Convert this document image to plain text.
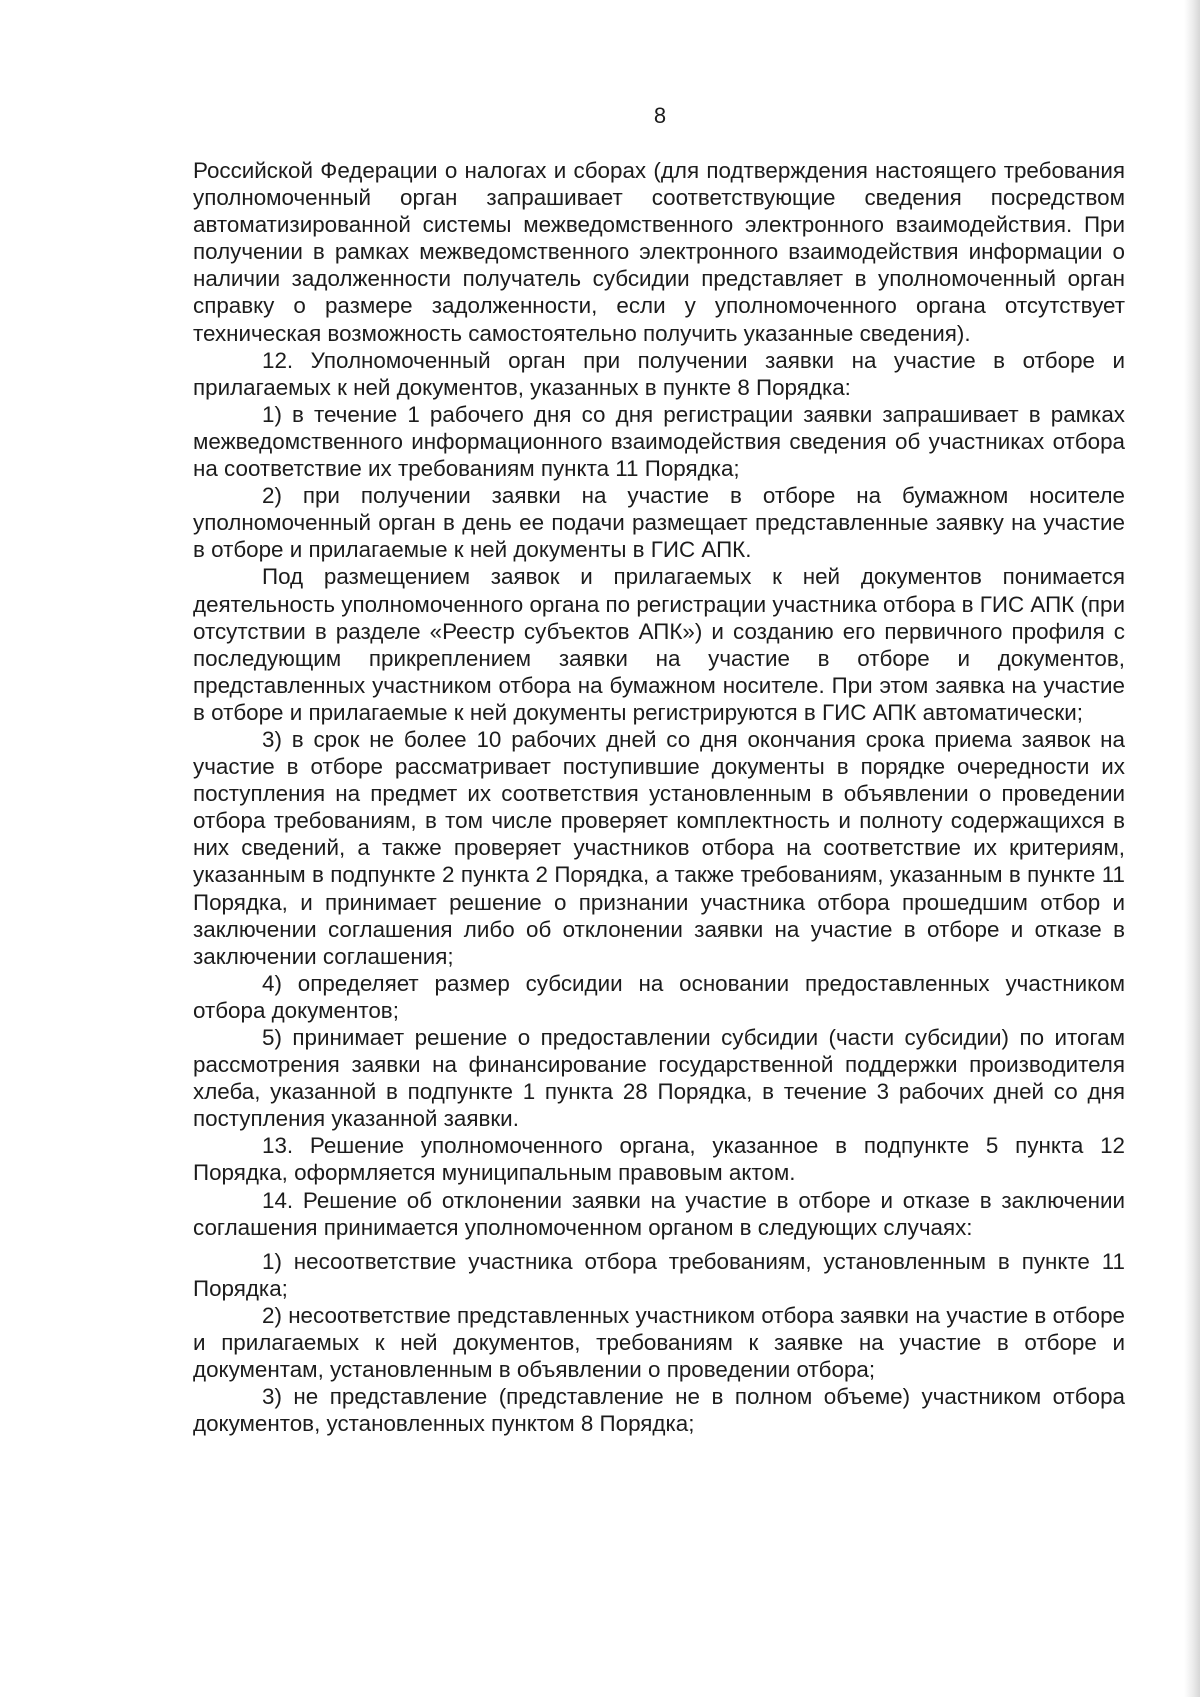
8

Российской Федерации о налогах и сборах (для подтверждения настоящего требования уполномоченный орган запрашивает соответствующие сведения посредством автоматизированной системы межведомственного электронного взаимодействия. При получении в рамках межведомственного электронного взаимодействия информации о наличии задолженности получатель субсидии представляет в уполномоченный орган справку о размере задолженности, если у уполномоченного органа отсутствует техническая возможность самостоятельно получить указанные сведения).

12. Уполномоченный орган при получении заявки на участие в отборе и прилагаемых к ней документов, указанных в пункте 8 Порядка:

1) в течение 1 рабочего дня со дня регистрации заявки запрашивает в рамках межведомственного информационного взаимодействия сведения об участниках отбора на соответствие их требованиям пункта 11 Порядка;

2) при получении заявки на участие в отборе на бумажном носителе уполномоченный орган в день ее подачи размещает представленные заявку на участие в отборе и прилагаемые к ней документы в ГИС АПК.

Под размещением заявок и прилагаемых к ней документов понимается деятельность уполномоченного органа по регистрации участника отбора в ГИС АПК (при отсутствии в разделе «Реестр субъектов АПК») и созданию его первичного профиля с последующим прикреплением заявки на участие в отборе и документов, представленных участником отбора на бумажном носителе. При этом заявка на участие в отборе и прилагаемые к ней документы регистрируются в ГИС АПК автоматически;

3) в срок не более 10 рабочих дней со дня окончания срока приема заявок на участие в отборе рассматривает поступившие документы в порядке очередности их поступления на предмет их соответствия установленным в объявлении о проведении отбора требованиям, в том числе проверяет комплектность и полноту содержащихся в них сведений, а также проверяет участников отбора на соответствие их критериям, указанным в подпункте 2 пункта 2 Порядка, а также требованиям, указанным в пункте 11 Порядка, и принимает решение о признании участника отбора прошедшим отбор и заключении соглашения либо об отклонении заявки на участие в отборе и отказе в заключении соглашения;

4) определяет размер субсидии на основании предоставленных участником отбора документов;

5) принимает решение о предоставлении субсидии (части субсидии) по итогам рассмотрения заявки на финансирование государственной поддержки производителя хлеба, указанной в подпункте 1 пункта 28 Порядка, в течение 3 рабочих дней со дня поступления указанной заявки.

13. Решение уполномоченного органа, указанное в подпункте 5 пункта 12 Порядка, оформляется муниципальным правовым актом.

14. Решение об отклонении заявки на участие в отборе и отказе в заключении соглашения принимается уполномоченном органом в следующих случаях:

1) несоответствие участника отбора требованиям, установленным в пункте 11 Порядка;

2) несоответствие представленных участником отбора заявки на участие в отборе и прилагаемых к ней документов, требованиям к заявке на участие в отборе и документам, установленным в объявлении о проведении отбора;

3) не представление (представление не в полном объеме) участником отбора документов, установленных пунктом 8 Порядка;
